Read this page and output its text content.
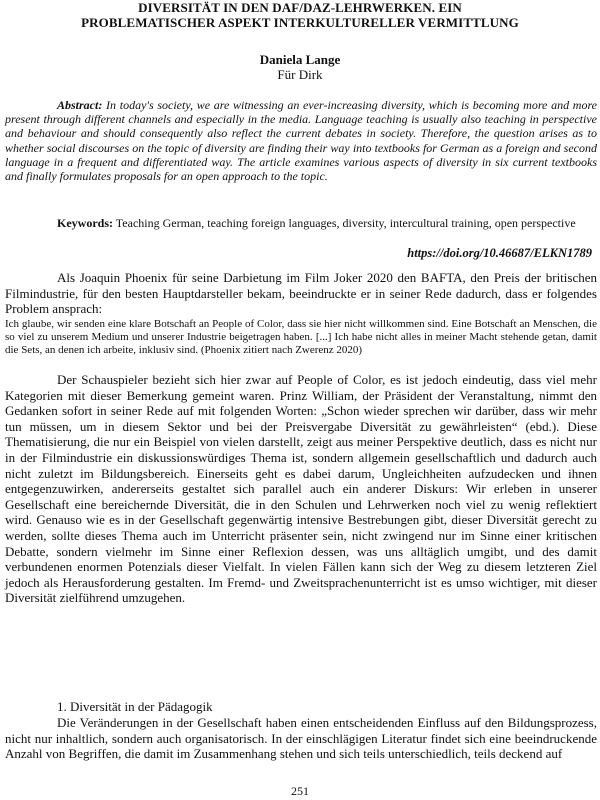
DIVERSITÄT IN DEN DAF/DAZ-LEHRWERKEN. EIN
PROBLEMATISCHER ASPEKT INTERKULTURELLER VERMITTLUNG
Daniela Lange
Für Dirk
Abstract: In today's society, we are witnessing an ever-increasing diversity, which is becoming more and more present through different channels and especially in the media. Language teaching is usually also teaching in perspective and behaviour and should consequently also reflect the current debates in society. Therefore, the question arises as to whether social discourses on the topic of diversity are finding their way into textbooks for German as a foreign and second language in a frequent and differentiated way. The article examines various aspects of diversity in six current textbooks and finally formulates proposals for an open approach to the topic.
Keywords: Teaching German, teaching foreign languages, diversity, intercultural training, open perspective
https://doi.org/10.46687/ELKN1789
Als Joaquin Phoenix für seine Darbietung im Film Joker 2020 den BAFTA, den Preis der britischen Filmindustrie, für den besten Hauptdarsteller bekam, beeindruckte er in seiner Rede dadurch, dass er folgendes Problem ansprach:
Ich glaube, wir senden eine klare Botschaft an People of Color, dass sie hier nicht willkommen sind. Eine Botschaft an Menschen, die so viel zu unserem Medium und unserer Industrie beigetragen haben. [...] Ich habe nicht alles in meiner Macht stehende getan, damit die Sets, an denen ich arbeite, inklusiv sind. (Phoenix zitiert nach Zwerenz 2020)
Der Schauspieler bezieht sich hier zwar auf People of Color, es ist jedoch eindeutig, dass viel mehr Kategorien mit dieser Bemerkung gemeint waren. Prinz William, der Präsident der Veranstaltung, nimmt den Gedanken sofort in seiner Rede auf mit folgenden Worten: „Schon wieder sprechen wir darüber, dass wir mehr tun müssen, um in diesem Sektor und bei der Preisvergabe Diversität zu gewährleisten“ (ebd.). Diese Thematisierung, die nur ein Beispiel von vielen darstellt, zeigt aus meiner Perspektive deutlich, dass es nicht nur in der Filmindustrie ein diskussionswürdiges Thema ist, sondern allgemein gesellschaftlich und dadurch auch nicht zuletzt im Bildungsbereich. Einerseits geht es dabei darum, Ungleichheiten aufzudecken und ihnen entgegenzuwirken, andererseits gestaltet sich parallel auch ein anderer Diskurs: Wir erleben in unserer Gesellschaft eine bereichernde Diversität, die in den Schulen und Lehrwerken noch viel zu wenig reflektiert wird. Genauso wie es in der Gesellschaft gegenwärtig intensive Bestrebungen gibt, dieser Diversität gerecht zu werden, sollte dieses Thema auch im Unterricht präsenter sein, nicht zwingend nur im Sinne einer kritischen Debatte, sondern vielmehr im Sinne einer Reflexion dessen, was uns alltäglich umgibt, und des damit verbundenen enormen Potenzials dieser Vielfalt. In vielen Fällen kann sich der Weg zu diesem letzteren Ziel jedoch als Herausforderung gestalten. Im Fremd- und Zweitsprachenunterricht ist es umso wichtiger, mit dieser Diversität zielführend umzugehen.
1. Diversität in der Pädagogik
Die Veränderungen in der Gesellschaft haben einen entscheidenden Einfluss auf den Bildungsprozess, nicht nur inhaltlich, sondern auch organisatorisch. In der einschlägigen Literatur findet sich eine beeindruckende Anzahl von Begriffen, die damit im Zusammenhang stehen und sich teils unterschiedlich, teils deckend auf
251
